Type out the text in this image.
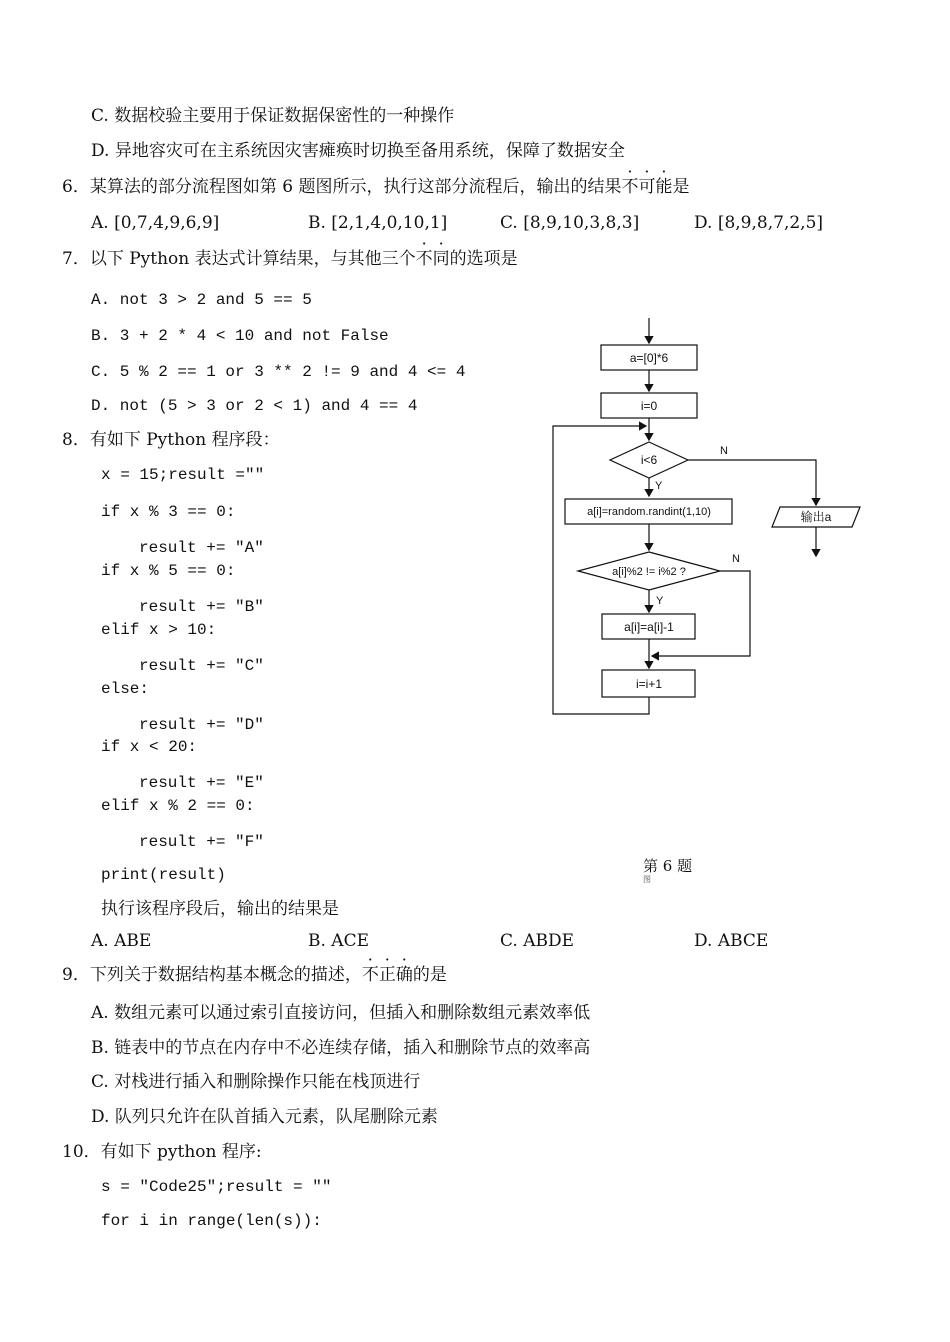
C. 数据校验主要用于保证数据保密性的一种操作
D. 异地容灾可在主系统因灾害瘫痪时切换至备用系统，保障了数据安全
6．某算法的部分流程图如第 6 题图所示，执行这部分流程后，输出的结果不可能是
A. [0,7,4,9,6,9]	B. [2,1,4,0,10,1]	C. [8,9,10,3,8,3]	D. [8,9,8,7,2,5]
7．以下 Python 表达式计算结果，与其他三个不同的选项是
A. not 3 > 2 and 5 == 5
B. 3 + 2 * 4 < 10 and not False
C. 5 % 2 == 1 or 3 ** 2 != 9 and 4 <= 4
D. not (5 > 3 or 2 < 1) and 4 == 4
8．有如下 Python 程序段：
x = 15;result =""
if x % 3 == 0:
result += "A"
if x % 5 == 0:
result += "B"
elif x > 10:
result += "C"
else:
result += "D"
if x < 20:
result += "E"
elif x % 2 == 0:
result += "F"
print(result)
执行该程序段后，输出的结果是
A. ABE	B. ACE	C. ABDE	D. ABCE
9．下列关于数据结构基本概念的描述，不正确的是
A. 数组元素可以通过索引直接访问，但插入和删除数组元素效率低
B. 链表中的节点在内存中不必连续存储，插入和删除节点的效率高
C. 对栈进行插入和删除操作只能在栈顶进行
D. 队列只允许在队首插入元素，队尾删除元素
10．有如下 python 程序:
s = "Code25";result = ""
for i in range(len(s)):
a=[0]*6
i=0
i<6
N
Y
输出a
a[i]=random.randint(1,10)
a[i]%2 != i%2 ?
N
Y
a[i]=a[i]-1
i=i+1
第 6 题
图
